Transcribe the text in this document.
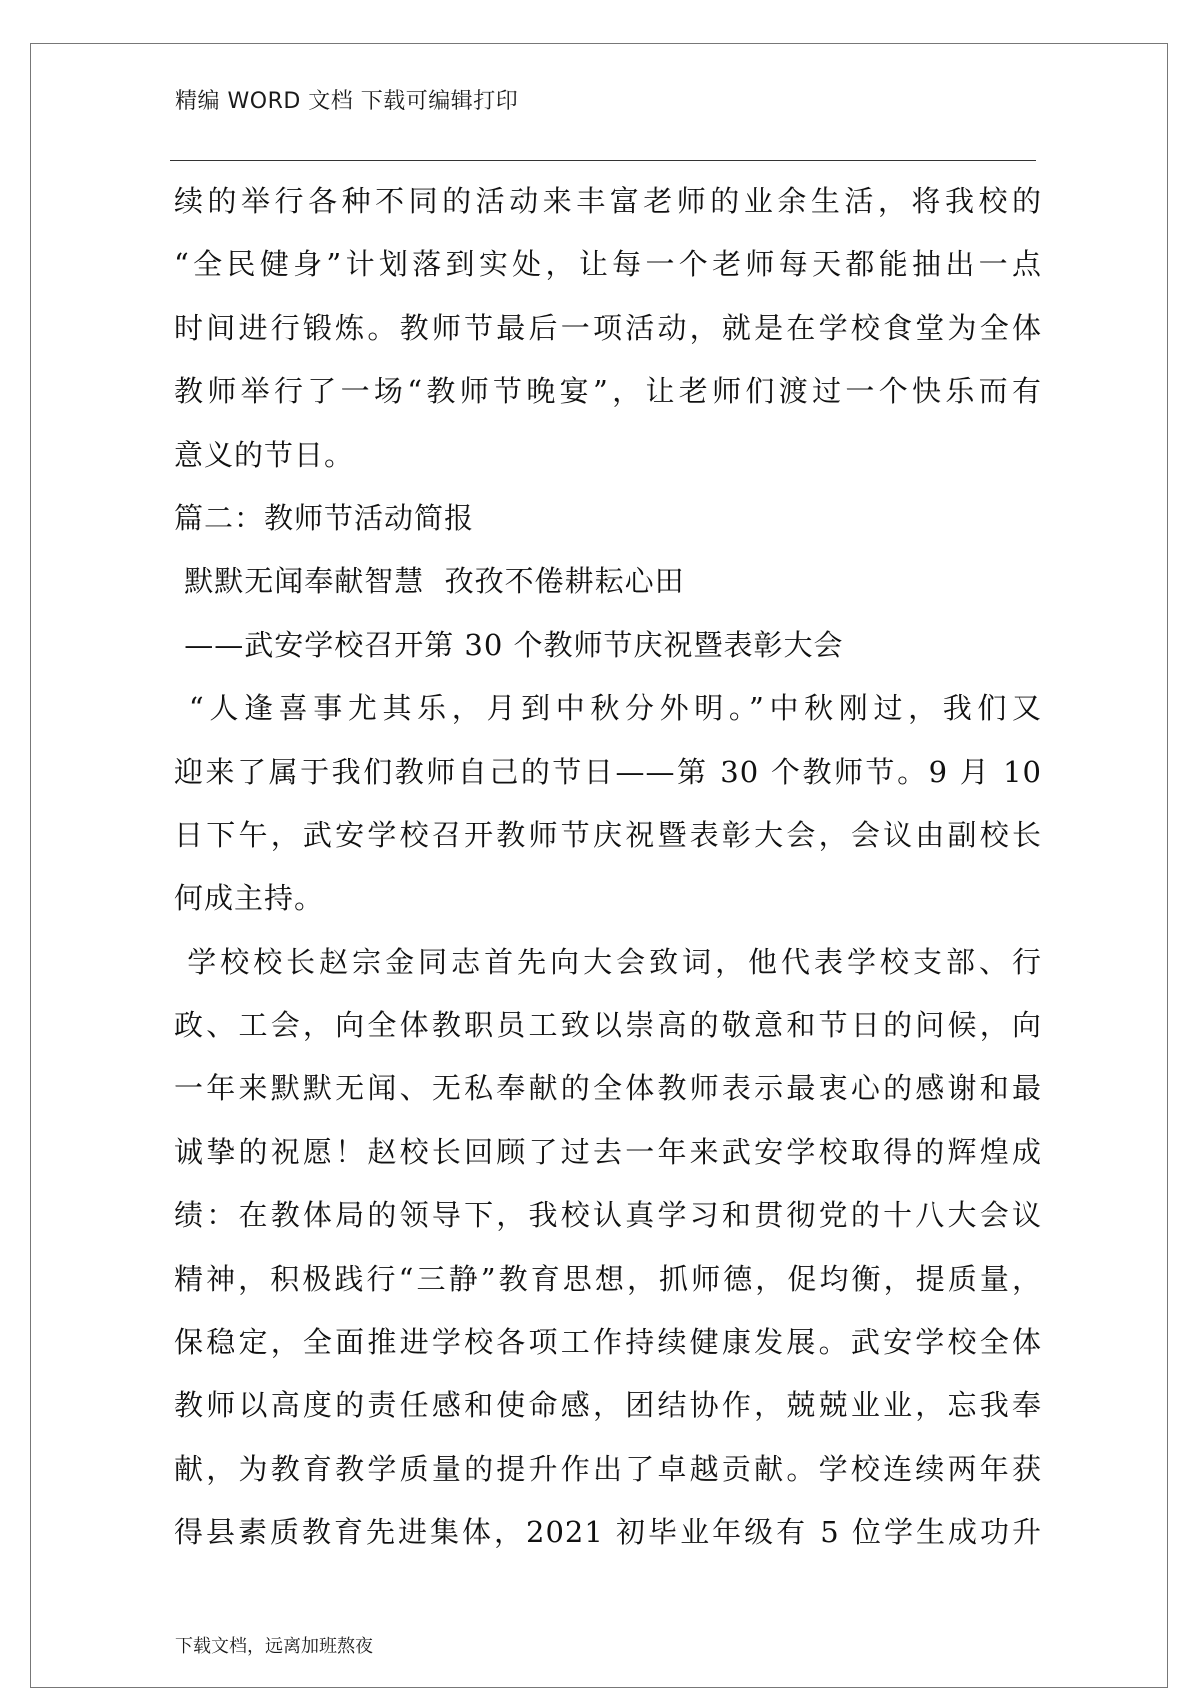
精编 WORD 文档 下载可编辑打印
续的举行各种不同的活动来丰富老师的业余生活，将我校的
“全民健身”计划落到实处，让每一个老师每天都能抽出一点
时间进行锻炼。教师节最后一项活动，就是在学校食堂为全体
教师举行了一场“教师节晚宴”，让老师们渡过一个快乐而有
意义的节日。
篇二：教师节活动简报
默默无闻奉献智慧  孜孜不倦耕耘心田
——武安学校召开第 30 个教师节庆祝暨表彰大会
“人逢喜事尤其乐，月到中秋分外明。”中秋刚过，我们又
迎来了属于我们教师自己的节日——第 30 个教师节。9 月 10
日下午，武安学校召开教师节庆祝暨表彰大会，会议由副校长
何成主持。
学校校长赵宗金同志首先向大会致词，他代表学校支部、行
政、工会，向全体教职员工致以崇高的敬意和节日的问候，向
一年来默默无闻、无私奉献的全体教师表示最衷心的感谢和最
诚挚的祝愿！赵校长回顾了过去一年来武安学校取得的辉煌成
绩：在教体局的领导下，我校认真学习和贯彻党的十八大会议
精神，积极践行“三静”教育思想，抓师德，促均衡，提质量，
保稳定，全面推进学校各项工作持续健康发展。武安学校全体
教师以高度的责任感和使命感，团结协作，兢兢业业，忘我奉
献，为教育教学质量的提升作出了卓越贡献。学校连续两年获
得县素质教育先进集体，2021 初毕业年级有 5 位学生成功升
下载文档，远离加班熬夜
